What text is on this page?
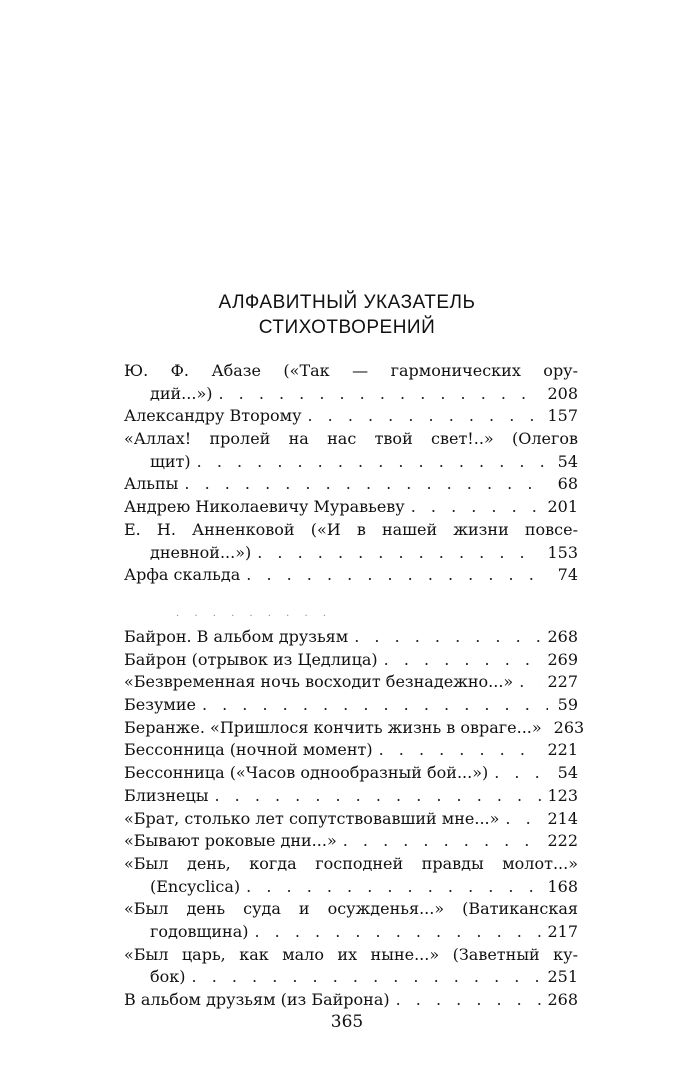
АЛФАВИТНЫЙ УКАЗАТЕЛЬ
СТИХОТВОРЕНИЙ
Ю. Ф. Абазе («Так — гармонических ору-
дий...») . . .	208
Александру Второму . . .	157
«Аллах! пролей на нас твой свет!..» (Олегов
щит) . . .	54
Альпы . . .	68
Андрею Николаевичу Муравьеву . . .	201
Е. Н. Анненковой («И в нашей жизни повсе-
дневной...») . . .	153
Арфа скальда . . .	74
Байрон. В альбом друзьям . . .	268
Байрон (отрывок из Цедлица) . . .	269
«Безвременная ночь восходит безнадежно...» . . .	227
Безумие . . .	59
Беранже. «Пришлося кончить жизнь в овраге...» . . . 263
Бессонница (ночной момент) . . .	221
Бессонница («Часов однообразный бой...») . . .	54
Близнецы . . .	123
«Брат, столько лет сопутствовавший мне...» . . .	214
«Бывают роковые дни...» . . .	222
«Был день, когда господней правды молот...»
(Encyclica) . . .	168
«Был день суда и осужденья...» (Ватиканская
годовщина) . . .	217
«Был царь, как мало их ныне...» (Заветный ку-
бок) . . .	251
В альбом друзьям (из Байрона) . . .	268
. . . . . . . . .
365
